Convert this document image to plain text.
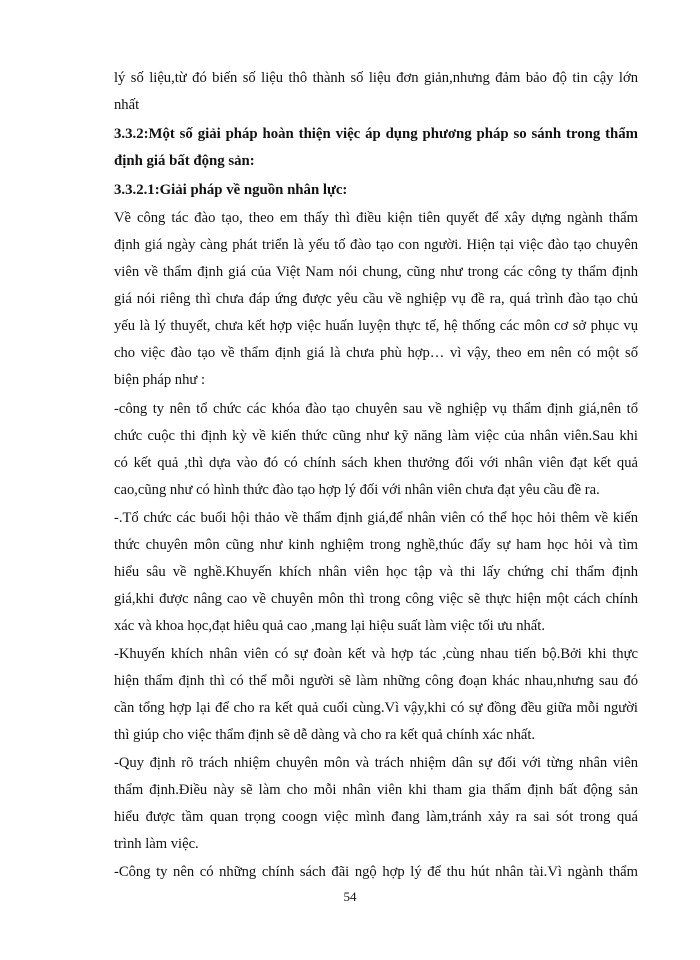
lý số liệu,từ đó biến số liệu thô thành số liệu đơn giản,nhưng đảm bảo độ tin cậy lớn
nhất
3.3.2:Một số giải pháp hoàn thiện việc áp dụng phương pháp so sánh trong thẩm
định giá bất động sản:
3.3.2.1:Giải pháp về nguồn nhân lực:
Về công tác đào tạo, theo em thấy thì điều kiện tiên quyết để xây dựng ngành thẩm
định giá ngày càng phát triển là yếu tố đào tạo con người. Hiện tại việc đào tạo chuyên
viên về thẩm định giá của Việt Nam nói chung, cũng như trong các công ty thẩm định
giá nói riêng thì chưa đáp ứng được yêu cầu về nghiệp vụ đề ra, quá trình đào tạo chủ
yếu là lý thuyết, chưa kết hợp việc huấn luyện thực tế, hệ thống các môn cơ sở phục vụ
cho việc đào tạo về thẩm định giá là chưa phù hợp… vì vậy, theo em nên có một số
biện pháp như :
-công ty nên tổ chức các khóa đào tạo chuyên sau về nghiệp vụ thẩm định giá,nên tổ
chức cuộc thi định kỳ về kiến thức cũng như kỹ năng làm việc của nhân viên.Sau khi
có kết quả ,thì dựa vào đó có chính sách khen thưởng đối với nhân viên đạt kết quả
cao,cũng như có hình thức đào tạo hợp lý đối với nhân viên chưa đạt yêu cầu đề ra.
-.Tổ chức các buổi hội thảo về thẩm định giá,để nhân viên có thể học hỏi thêm về kiến
thức chuyên môn cũng như kinh nghiệm trong nghề,thúc đẩy sự ham học hỏi và tìm
hiểu sâu về nghề.Khuyến khích nhân viên học tập và thi lấy chứng chỉ thẩm định
giá,khi được nâng cao về chuyên môn thì trong công việc sẽ thực hiện một cách chính
xác và khoa học,đạt hiêu quả cao ,mang lại hiệu suất làm việc tối ưu nhất.
-Khuyến khích nhân viên có sự đoàn kết và hợp tác ,cùng nhau tiến bộ.Bởi khi thực
hiện thẩm định thì có thể mỗi người sẽ làm những công đoạn khác nhau,nhưng sau đó
cần tổng hợp lại để cho ra kết quả cuối cùng.Vì vậy,khi có sự đồng đều giữa mỗi người
thì giúp cho việc thẩm định sẽ dễ dàng và cho ra kết quả chính xác nhất.
-Quy định rõ trách nhiệm chuyên môn và trách nhiệm dân sự đối với từng nhân viên
thẩm định.Điều này sẽ làm cho mỗi nhân viên khi tham gia thẩm định bất động sản
hiểu được tầm quan trọng coogn việc mình đang làm,tránh xảy ra sai sót trong quá
trình làm việc.
-Công ty nên có những chính sách đãi ngộ hợp lý để thu hút nhân tài.Vì ngành thẩm
54
